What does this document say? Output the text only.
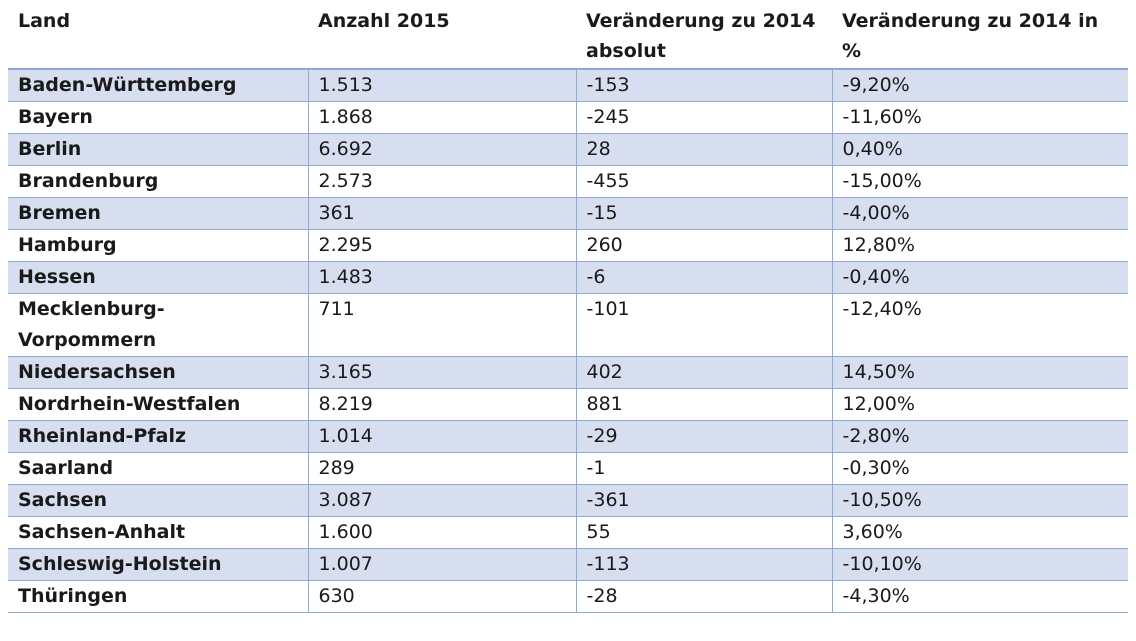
Land	Anzahl 2015	Veränderung zu 2014 absolut	Veränderung zu 2014 in %
Baden-Württemberg	1.513	-153	-9,20%
Bayern	1.868	-245	-11,60%
Berlin	6.692	28	0,40%
Brandenburg	2.573	-455	-15,00%
Bremen	361	-15	-4,00%
Hamburg	2.295	260	12,80%
Hessen	1.483	-6	-0,40%
Mecklenburg-Vorpommern	711	-101	-12,40%
Niedersachsen	3.165	402	14,50%
Nordrhein-Westfalen	8.219	881	12,00%
Rheinland-Pfalz	1.014	-29	-2,80%
Saarland	289	-1	-0,30%
Sachsen	3.087	-361	-10,50%
Sachsen-Anhalt	1.600	55	3,60%
Schleswig-Holstein	1.007	-113	-10,10%
Thüringen	630	-28	-4,30%
